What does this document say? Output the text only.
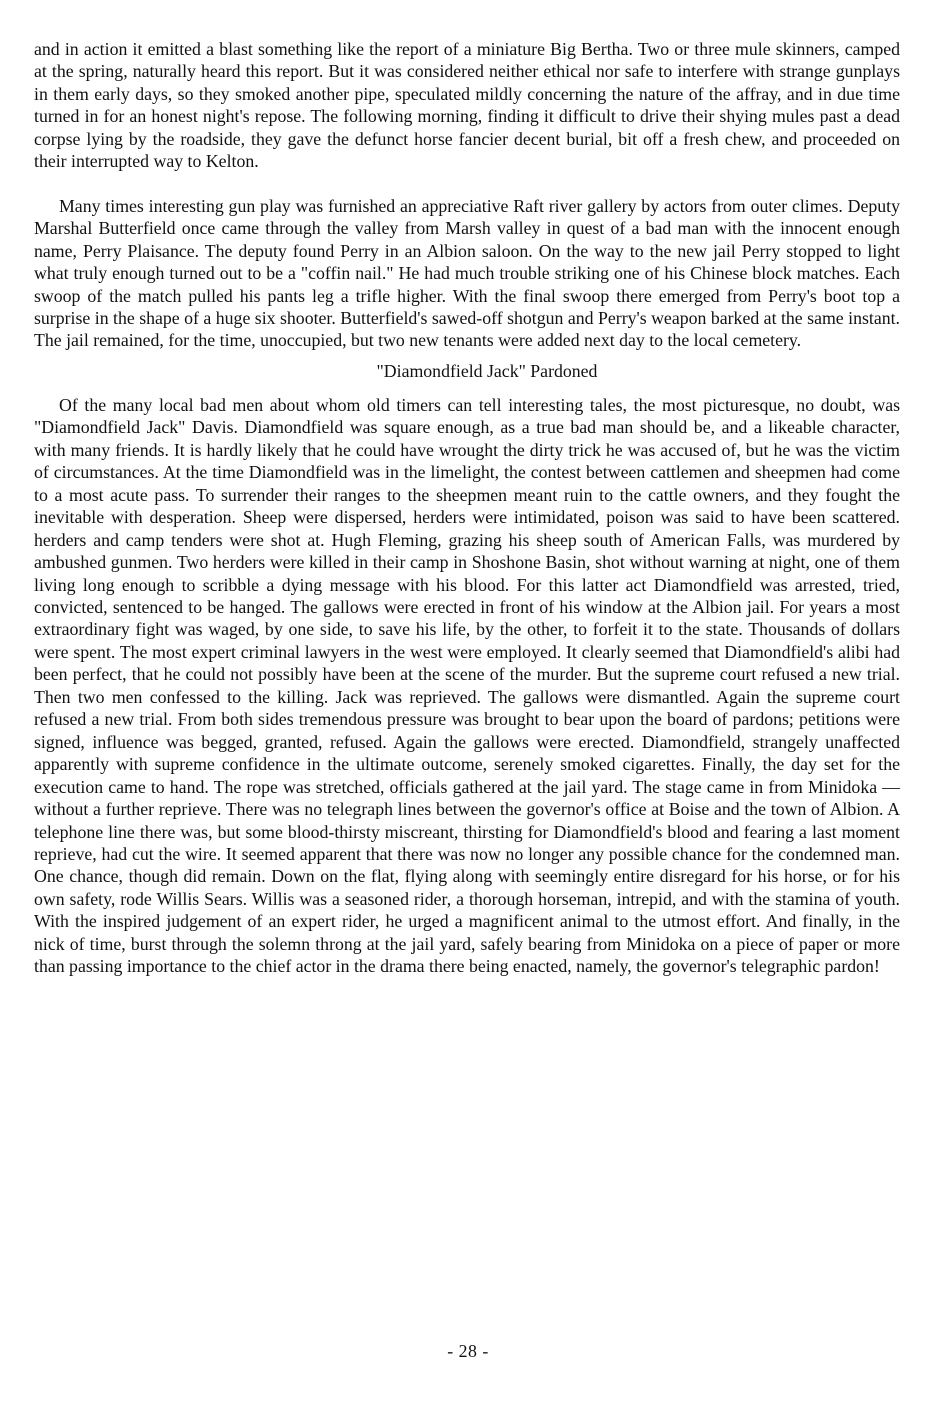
and in action it emitted a blast something like the report of a miniature Big Bertha. Two or three mule skinners, camped at the spring, naturally heard this report. But it was considered neither ethical nor safe to interfere with strange gunplays in them early days, so they smoked another pipe, speculated mildly concerning the nature of the affray, and in due time turned in for an honest night's repose. The following morning, finding it difficult to drive their shying mules past a dead corpse lying by the roadside, they gave the defunct horse fancier decent burial, bit off a fresh chew, and proceeded on their interrupted way to Kelton.

Many times interesting gun play was furnished an appreciative Raft river gallery by actors from outer climes. Deputy Marshal Butterfield once came through the valley from Marsh valley in quest of a bad man with the innocent enough name, Perry Plaisance. The deputy found Perry in an Albion saloon. On the way to the new jail Perry stopped to light what truly enough turned out to be a "coffin nail." He had much trouble striking one of his Chinese block matches. Each swoop of the match pulled his pants leg a trifle higher. With the final swoop there emerged from Perry's boot top a surprise in the shape of a huge six shooter. Butterfield's sawed-off shotgun and Perry's weapon barked at the same instant. The jail remained, for the time, unoccupied, but two new tenants were added next day to the local cemetery.

"Diamondfield Jack" Pardoned

Of the many local bad men about whom old timers can tell interesting tales, the most picturesque, no doubt, was "Diamondfield Jack" Davis. Diamondfield was square enough, as a true bad man should be, and a likeable character, with many friends. It is hardly likely that he could have wrought the dirty trick he was accused of, but he was the victim of circumstances. At the time Diamondfield was in the limelight, the contest between cattlemen and sheepmen had come to a most acute pass. To surrender their ranges to the sheepmen meant ruin to the cattle owners, and they fought the inevitable with desperation. Sheep were dispersed, herders were intimidated, poison was said to have been scattered. herders and camp tenders were shot at. Hugh Fleming, grazing his sheep south of American Falls, was murdered by ambushed gunmen. Two herders were killed in their camp in Shoshone Basin, shot without warning at night, one of them living long enough to scribble a dying message with his blood. For this latter act Diamondfield was arrested, tried, convicted, sentenced to be hanged. The gallows were erected in front of his window at the Albion jail. For years a most extraordinary fight was waged, by one side, to save his life, by the other, to forfeit it to the state. Thousands of dollars were spent. The most expert criminal lawyers in the west were employed. It clearly seemed that Diamondfield's alibi had been perfect, that he could not possibly have been at the scene of the murder. But the supreme court refused a new trial. Then two men confessed to the killing. Jack was reprieved. The gallows were dismantled. Again the supreme court refused a new trial. From both sides tremendous pressure was brought to bear upon the board of pardons; petitions were signed, influence was begged, granted, refused. Again the gallows were erected. Diamondfield, strangely unaffected apparently with supreme confidence in the ultimate outcome, serenely smoked cigarettes. Finally, the day set for the execution came to hand. The rope was stretched, officials gathered at the jail yard. The stage came in from Minidoka — without a further reprieve. There was no telegraph lines between the governor's office at Boise and the town of Albion. A telephone line there was, but some blood-thirsty miscreant, thirsting for Diamondfield's blood and fearing a last moment reprieve, had cut the wire. It seemed apparent that there was now no longer any possible chance for the condemned man. One chance, though did remain. Down on the flat, flying along with seemingly entire disregard for his horse, or for his own safety, rode Willis Sears. Willis was a seasoned rider, a thorough horseman, intrepid, and with the stamina of youth. With the inspired judgement of an expert rider, he urged a magnificent animal to the utmost effort. And finally, in the nick of time, burst through the solemn throng at the jail yard, safely bearing from Minidoka on a piece of paper or more than passing importance to the chief actor in the drama there being enacted, namely, the governor's telegraphic pardon!

- 28 -
